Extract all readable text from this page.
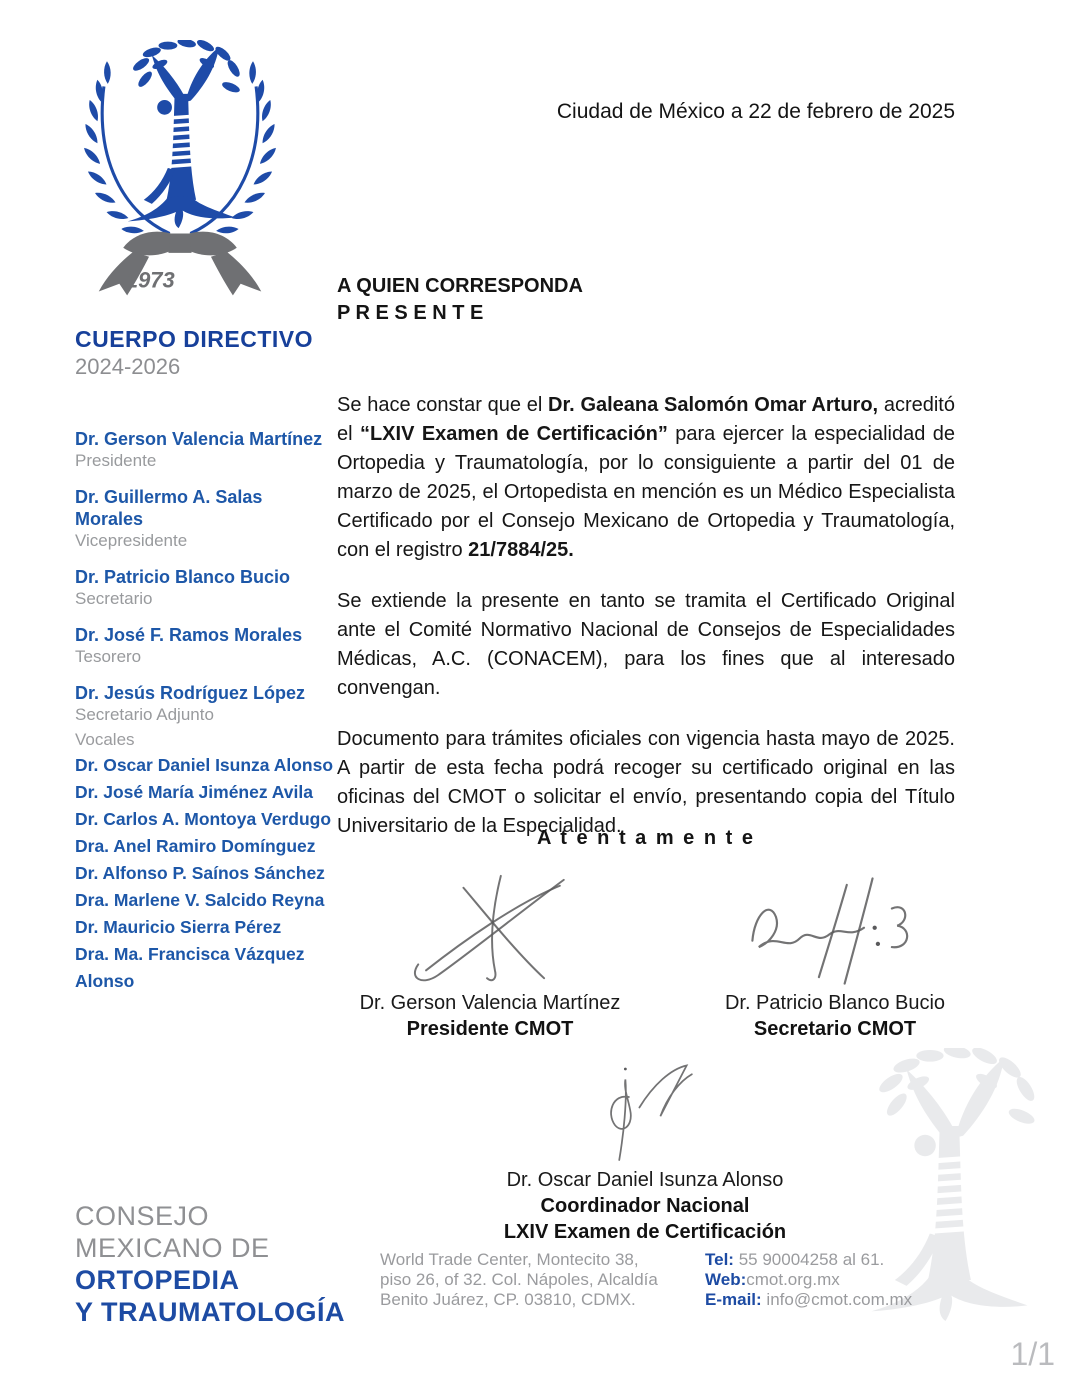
1973
Ciudad de México a 22 de febrero de 2025
CUERPO DIRECTIVO
2024-2026
Dr. Gerson Valencia Martínez
Presidente
Dr. Guillermo A. Salas Morales
Vicepresidente
Dr. Patricio Blanco Bucio
Secretario
Dr. José F. Ramos Morales
Tesorero
Dr. Jesús Rodríguez López
Secretario Adjunto
Vocales
Dr. Oscar Daniel Isunza Alonso
Dr. José María Jiménez Avila
Dr. Carlos A. Montoya Verdugo
Dra. Anel Ramiro Domínguez
Dr. Alfonso P. Saínos Sánchez
Dra. Marlene V. Salcido Reyna
Dr. Mauricio Sierra Pérez
Dra. Ma. Francisca Vázquez Alonso
A QUIEN CORRESPONDA
P R E S E N T E

Se hace constar que el Dr. Galeana Salomón Omar Arturo, acreditó el “LXIV Examen de Certificación” para ejercer la especialidad de Ortopedia y Traumatología, por lo consiguiente a partir del 01 de marzo de 2025, el Ortopedista en mención es un Médico Especialista Certificado por el Consejo Mexicano de Ortopedia y Traumatología, con el registro 21/7884/25.

Se extiende la presente en tanto se tramita el Certificado Original ante el Comité Normativo Nacional de Consejos de Especialidades Médicas, A.C. (CONACEM), para los fines que al interesado convengan.

Documento para trámites oficiales con vigencia hasta mayo de 2025. A partir de esta fecha podrá recoger su certificado original en las oficinas del CMOT o solicitar el envío, presentando copia del Título Universitario de la Especialidad.

A t e n t a m e n t e
Dr. Gerson Valencia Martínez
Presidente CMOT
Dr. Patricio Blanco Bucio
Secretario CMOT
Dr. Oscar Daniel Isunza Alonso
Coordinador Nacional
LXIV Examen de Certificación
CONSEJO
MEXICANO DE
ORTOPEDIA
Y TRAUMATOLOGÍA
World Trade Center, Montecito 38,
piso 26, of 32. Col. Nápoles, Alcaldía
Benito Juárez, CP. 03810, CDMX.
Tel: 55 90004258 al 61.
Web:cmot.org.mx
E-mail: info@cmot.com.mx
1/1
